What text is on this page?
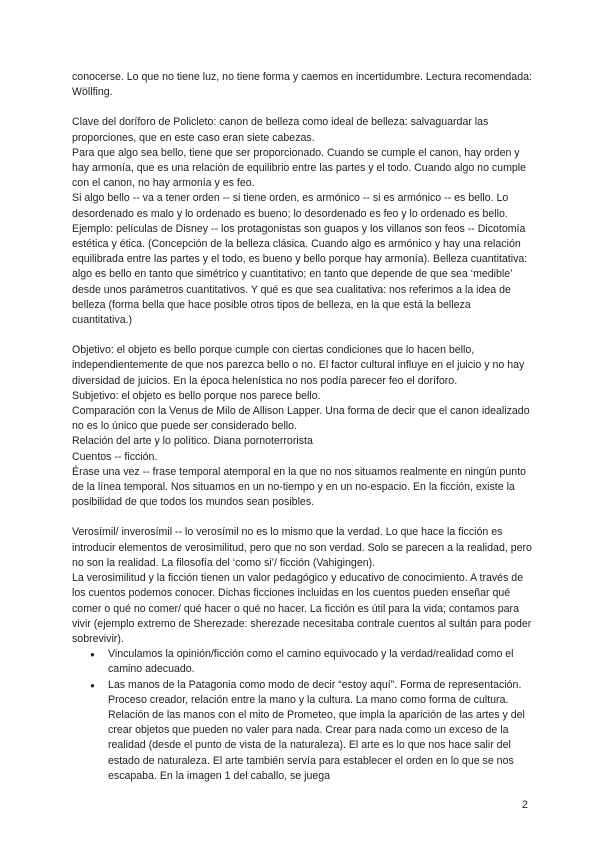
conocerse. Lo que no tiene luz, no tiene forma y caemos en incertidumbre. Lectura recomendada: Wöllfing.

Clave del doríforo de Policleto: canon de belleza como ideal de belleza: salvaguardar las proporciones, que en este caso eran siete cabezas.

Para que algo sea bello, tiene que ser proporcionado. Cuando se cumple el canon, hay orden y hay armonía, que es una relación de equilibrio entre las partes y el todo. Cuando algo no cumple con el canon, no hay armonía y es feo.

Si algo bello -- va a tener orden -- si tiene orden, es armónico -- si es armónico -- es bello. Lo desordenado es malo y lo ordenado es bueno; lo desordenado es feo y lo ordenado es bello.

Ejemplo: películas de Disney -- los protagonistas son guapos y los villanos son feos -- Dicotomía estética y ética. (Concepción de la belleza clásica. Cuando algo es armónico y hay una relación equilibrada entre las partes y el todo, es bueno y bello porque hay armonía). Belleza cuantitativa: algo es bello en tanto que simétrico y cuantitativo; en tanto que depende de que sea ‘medible’ desde unos parámetros cuantitativos. Y qué es que sea cualitativa: nos referimos a la idea de belleza (forma bella que hace posible otros tipos de belleza, en la que está la belleza cuantitativa.)

Objetivo: el objeto es bello porque cumple con ciertas condiciones que lo hacen bello, independientemente de que nos parezca bello o no. El factor cultural influye en el juicio y no hay diversidad de juicios. En la época helenística no nos podía parecer feo el doríforo.

Subjetivo: el objeto es bello porque nos parece bello.

Comparación con la Venus de Milo de Allison Lapper. Una forma de decir que el canon idealizado no es lo único que puede ser considerado bello.

Relación del arte y lo político. Diana pornoterrorista

Cuentos -- ficción.

Érase una vez -- frase temporal atemporal en la que no nos situamos realmente en ningún punto de la línea temporal. Nos situamos en un no-tiempo y en un no-espacio. En la ficción, existe la posibilidad de que todos los mundos sean posibles.

Verosímil/ inverosímil -- lo verosímil no es lo mismo que la verdad. Lo que hace la ficción es introducir elementos de verosimilitud, pero que no son verdad. Solo se parecen a la realidad, pero no son la realidad. La filosofía del ‘como si’/ ficción (Vahigingen).

La verosimilitud y la ficción tienen un valor pedagógico y educativo de conocimiento. A través de los cuentos podemos conocer. Dichas ficciones incluidas en los cuentos pueden enseñar qué comer o qué no comer/ qué hacer o qué no hacer. La ficción es útil para la vida; contamos para vivir (ejemplo extremo de Sherezade: sherezade necesitaba contrale cuentos al sultán para poder sobrevivir).

● Vinculamos la opinión/ficción como el camino equivocado y la verdad/realidad como el camino adecuado.
● Las manos de la Patagonia como modo de decir “estoy aquí”. Forma de representación. Proceso creador, relación entre la mano y la cultura. La mano como forma de cultura. Relación de las manos con el mito de Prometeo, que impla la aparición de las artes y del crear objetos que pueden no valer para nada. Crear para nada como un exceso de la realidad (desde el punto de vista de la naturaleza). El arte es lo que nos hace salir del estado de naturaleza. El arte también servía para establecer el orden en lo que se nos escapaba. En la imagen 1 del caballo, se juega
2
